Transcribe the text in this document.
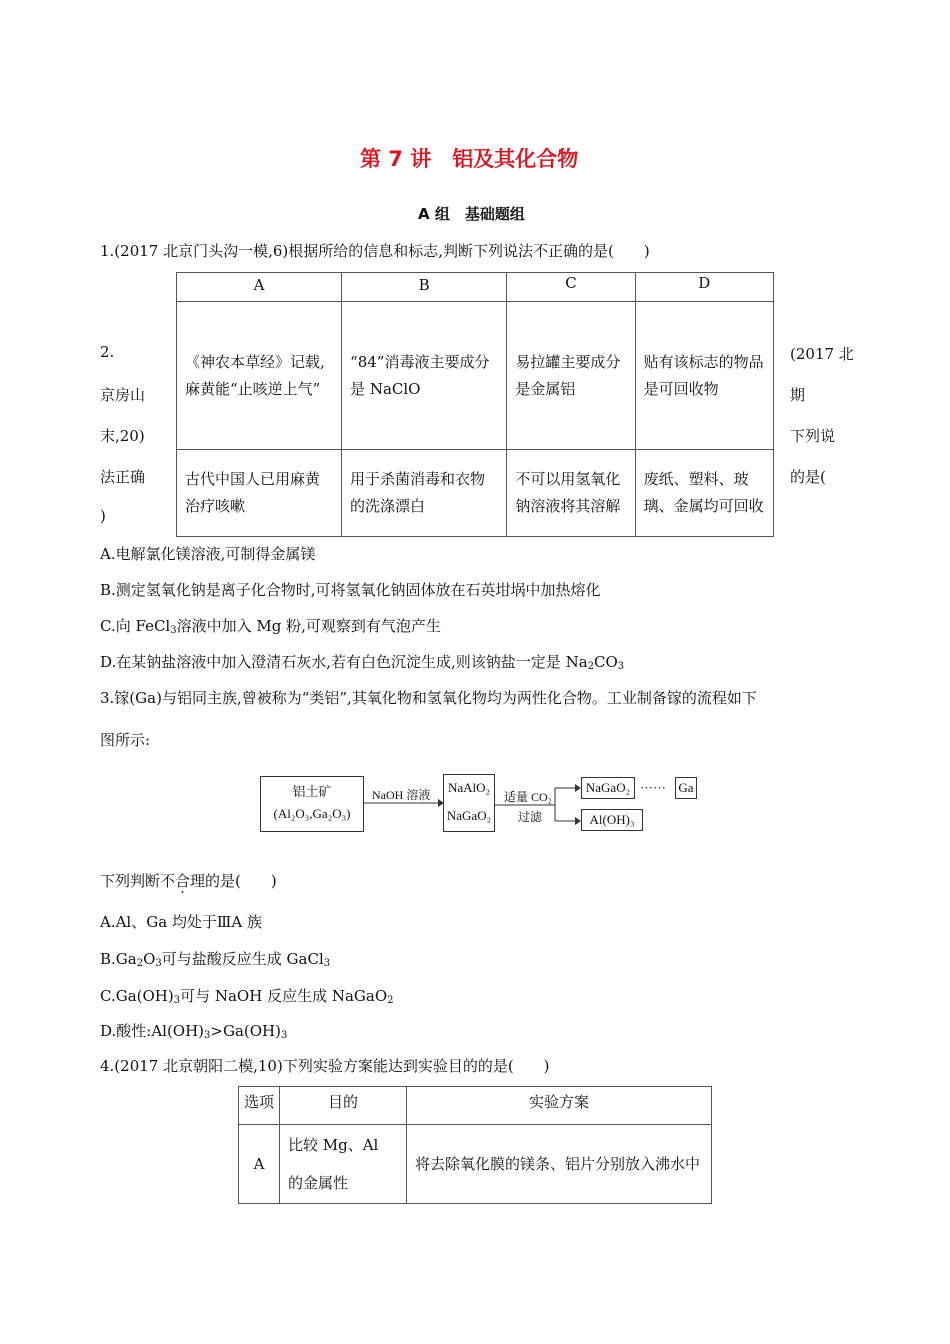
第 7 讲　铝及其化合物
A 组　基础题组
1.(2017 北京门头沟一模,6)根据所给的信息和标志,判断下列说法不正确的是(　　)
A	B	C	D

《神农本草经》记载,麻黄能“止咳逆上气”	“84”消毒液主要成分是 NaClO	易拉罐主要成分是金属铝	贴有该标志的物品是可回收物

古代中国人已用麻黄治疗咳嗽	用于杀菌消毒和衣物的洗涤漂白	不可以用氢氧化钠溶液将其溶解	废纸、塑料、玻璃、金属均可回收
2.
京房山
末,20)
法正确
)
(2017 北
期
下列说
的是(
A.电解氯化镁溶液,可制得金属镁
B.测定氢氧化钠是离子化合物时,可将氢氧化钠固体放在石英坩埚中加热熔化
C.向 FeCl$_3$溶液中加入 Mg 粉,可观察到有气泡产生
D.在某钠盐溶液中加入澄清石灰水,若有白色沉淀生成,则该钠盐一定是 $Na_2CO_3$
3.镓(Ga)与铝同主族,曾被称为“类铝”,其氧化物和氢氧化物均为两性化合物。工业制备镓的流程如下
图所示:
铝土矿
(Al₂O₃,Ga₂O₃)
NaOH 溶液	NaAlO₂
NaGaO₂
适量 CO₂
过滤
NaGaO₂ ······ Ga
Al(OH)₃
下列判断不合理的是(　　)
A.Al、Ga 均处于ⅢA 族
$B.Ga_2O_3$可与盐酸反应生成 GaCl$_3$
$C.Ga(OH)_3$可与 NaOH 反应生成 NaGaO$_2$
D.酸性$:Al(OH)_3>Ga(OH)_3$
4.(2017 北京朝阳二模,10)下列实验方案能达到实验目的的是(　　)
选项	目的	实验方案
A	比较 Mg、Al 的金属性	将去除氧化膜的镁条、铝片分别放入沸水中
